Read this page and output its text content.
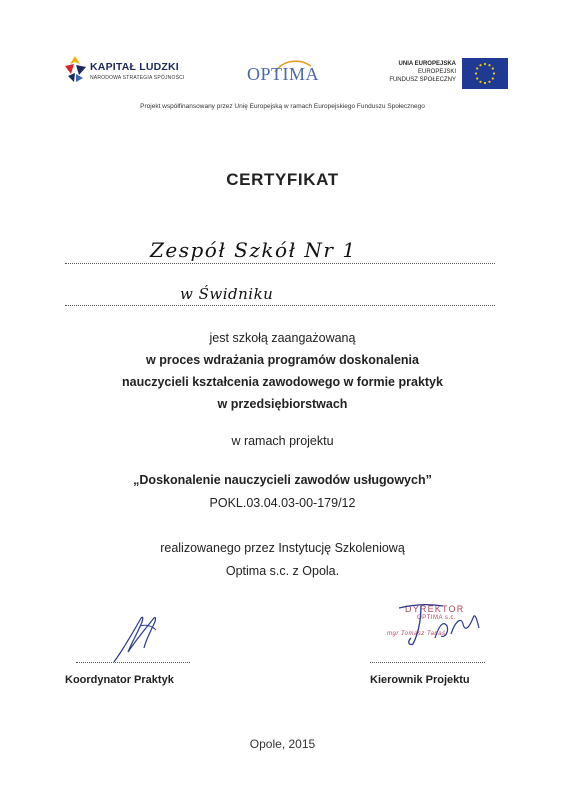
KAPITAŁ LUDZKI
NARODOWA STRATEGIA SPÓJNOŚCI	OPTIMA	UNIA EUROPEJSKA
EUROPEJSKI
FUNDUSZ SPOŁECZNY
Projekt współfinansowany przez Unię Europejską w ramach Europejskiego Funduszu Społecznego
CERTYFIKAT
Zespół Szkół Nr 1
w Świdniku
jest szkołą zaangażowaną
w proces wdrażania programów doskonalenia
nauczycieli kształcenia zawodowego w formie praktyk
w przedsiębiorstwach
w ramach projektu
„Doskonalenie nauczycieli zawodów usługowych”
POKL.03.04.03-00-179/12
realizowanego przez Instytucję Szkoleniową
Optima s.c. z Opola.
Koordynator Praktyk
DYREKTOR
OPTIMA s.c.
mgr Tomasz Tanaś
Kierownik Projektu
Opole, 2015
